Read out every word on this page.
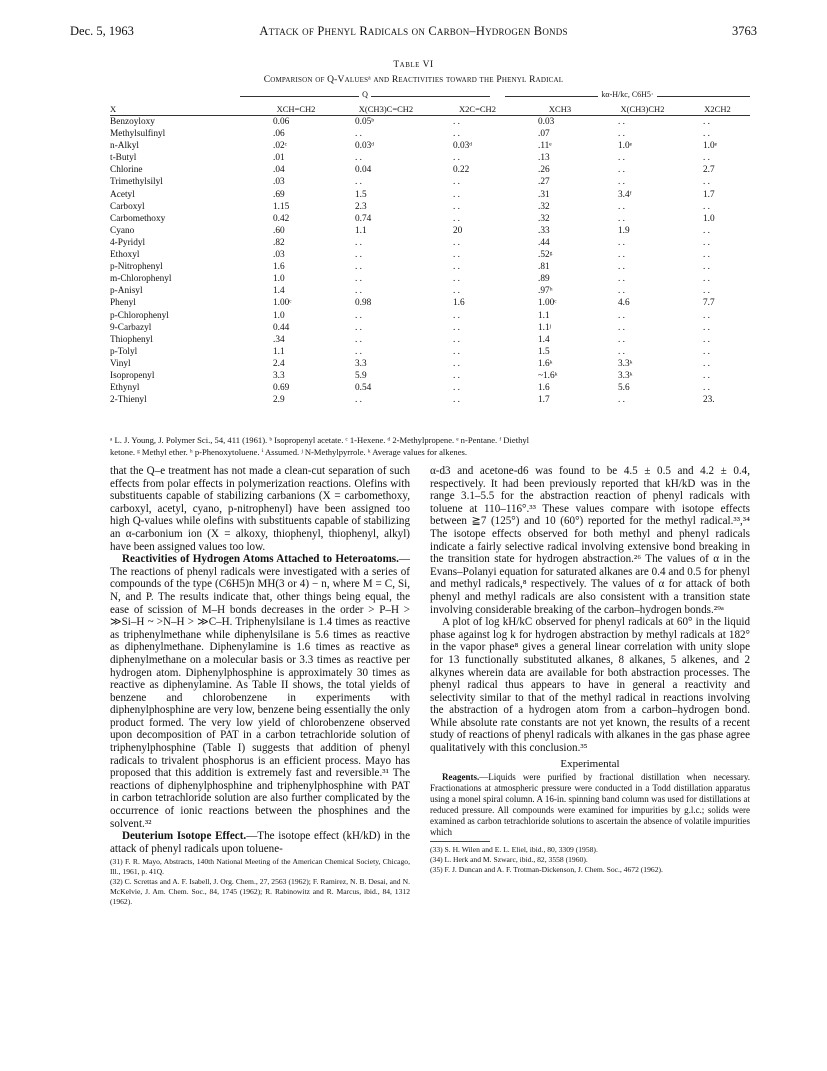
Attack of Phenyl Radicals on Carbon–Hydrogen Bonds
Dec. 5, 1963	3763
Table VI
Comparison of Q-Valuesᵃ and Reactivities toward the Phenyl Radical
Q	kα-H/kc, C6H5·
X	XCH=CH2	X(CH3)C=CH2	X2C=CH2	XCH3	X(CH3)CH2	X2CH2
Benzoyloxy	0.06	0.05ᵇ	. .	0.03	. .	. .
Methylsulfinyl	.06	. .	. .	.07	. .	. .
n-Alkyl	.02ᶜ	0.03ᵈ	0.03ᵈ	.11ᵉ	1.0ᵉ	1.0ᵉ
t-Butyl	.01	. .	. .	.13	. .	. .
Chlorine	.04	0.04	0.22	.26	. .	2.7
Trimethylsilyl	.03	. .	. .	.27	. .	. .
Acetyl	.69	1.5	. .	.31	3.4ᶠ	1.7
Carboxyl	1.15	2.3	. .	.32	. .	. .
Carbomethoxy	0.42	0.74	. .	.32	. .	1.0
Cyano	.60	1.1	20	.33	1.9	. .
4-Pyridyl	.82	. .	. .	.44	. .	. .
Ethoxyl	.03	. .	. .	.52ᵍ	. .	. .
p-Nitrophenyl	1.6	. .	. .	.81	. .	. .
m-Chlorophenyl	1.0	. .	. .	.89	. .	. .
p-Anisyl	1.4	. .	. .	.97ʰ	. .	. .
Phenyl	1.00ᶜ	0.98	1.6	1.00ᶜ	4.6	7.7
p-Chlorophenyl	1.0	. .	. .	1.1	. .	. .
9-Carbazyl	0.44	. .	. .	1.1ʲ	. .	. .
Thiophenyl	.34	. .	. .	1.4	. .	. .
p-Tolyl	1.1	. .	. .	1.5	. .	. .
Vinyl	2.4	3.3	. .	1.6ᵏ	3.3ᵏ	. .
Isopropenyl	3.3	5.9	. .	~1.6ᵏ	3.3ᵏ	. .
Ethynyl	0.69	0.54	. .	1.6	5.6	. .
2-Thienyl	2.9	. .	. .	1.7	. .	23.
ᵃ L. J. Young, J. Polymer Sci., 54, 411 (1961). ᵇ Isopropenyl acetate. ᶜ 1-Hexene. ᵈ 2-Methylpropene. ᵉ n-Pentane. ᶠ Diethyl
ketone. ᵍ Methyl ether. ʰ p-Phenoxytoluene. ⁱ Assumed. ʲ N-Methylpyrrole. ᵏ Average values for alkenes.

that the Q–e treatment has not made a clean-cut separation of such effects from polar effects in polymerization reactions. Olefins with substituents capable of stabilizing carbanions (X = carbomethoxy, carboxyl, acetyl, cyano, p-nitrophenyl) have been assigned too high Q-values while olefins with substituents capable of stabilizing an α-carbonium ion (X = alkoxy, thiophenyl, thiophenyl, alkyl) have been assigned values too low.

Reactivities of Hydrogen Atoms Attached to Heteroatoms.—The reactions of phenyl radicals were investigated with a series of compounds of the type (C6H5)n MH(3 or 4) − n, where M = C, Si, N, and P. The results indicate that, other things being equal, the ease of scission of M–H bonds decreases in the order > P–H > ≫Si–H ~ >N–H > ≫C–H. Triphenylsilane is 1.4 times as reactive as triphenylmethane while diphenylsilane is 5.6 times as reactive as diphenylmethane. Diphenylamine is 1.6 times as reactive as diphenylmethane on a molecular basis or 3.3 times as reactive per hydrogen atom. Diphenylphosphine is approximately 30 times as reactive as diphenylamine. As Table II shows, the total yields of benzene and chlorobenzene in experiments with diphenylphosphine are very low, benzene being essentially the only product formed. The very low yield of chlorobenzene observed upon decomposition of PAT in a carbon tetrachloride solution of triphenylphosphine (Table I) suggests that addition of phenyl radicals to trivalent phosphorus is an efficient process. Mayo has proposed that this addition is extremely fast and reversible.³¹ The reactions of diphenylphosphine and triphenylphosphine with PAT in carbon tetrachloride solution are also further complicated by the occurrence of ionic reactions between the phosphines and the solvent.³²

Deuterium Isotope Effect.—The isotope effect (kH/kD) in the attack of phenyl radicals upon toluene-

(31) F. R. Mayo, Abstracts, 140th National Meeting of the American Chemical Society, Chicago, Ill., 1961, p. 41Q.
(32) C. Screttas and A. F. Isabell, J. Org. Chem., 27, 2563 (1962); F. Ramirez, N. B. Desai, and N. McKelvie, J. Am. Chem. Soc., 84, 1745 (1962); R. Rabinowitz and R. Marcus, ibid., 84, 1312 (1962).

α-d3 and acetone-d6 was found to be 4.5 ± 0.5 and 4.2 ± 0.4, respectively. It had been previously reported that kH/kD was in the range 3.1–5.5 for the abstraction reaction of phenyl radicals with toluene at 110–116°.³³ These values compare with isotope effects between ≧7 (125°) and 10 (60°) reported for the methyl radical.³³,³⁴ The isotope effects observed for both methyl and phenyl radicals indicate a fairly selective radical involving extensive bond breaking in the transition state for hydrogen abstraction.²⁶ The values of α in the Evans–Polanyi equation for saturated alkanes are 0.4 and 0.5 for phenyl and methyl radicals,⁸ respectively. The values of α for attack of both phenyl and methyl radicals are also consistent with a transition state involving considerable breaking of the carbon–hydrogen bonds.²⁹ᵃ

A plot of log kH/kC observed for phenyl radicals at 60° in the liquid phase against log k for hydrogen abstraction by methyl radicals at 182° in the vapor phase⁸ gives a general linear correlation with unity slope for 13 functionally substituted alkanes, 8 alkanes, 5 alkenes, and 2 alkynes wherein data are available for both abstraction processes. The phenyl radical thus appears to have in general a reactivity and selectivity similar to that of the methyl radical in reactions involving the abstraction of a hydrogen atom from a carbon–hydrogen bond. While absolute rate constants are not yet known, the results of a recent study of reactions of phenyl radicals with alkanes in the gas phase agree qualitatively with this conclusion.³⁵

Experimental

Reagents.—Liquids were purified by fractional distillation when necessary. Fractionations at atmospheric pressure were conducted in a Todd distillation apparatus using a monel spiral column. A 16-in. spinning band column was used for distillations at reduced pressure. All compounds were examined for impurities by g.l.c.; solids were examined as carbon tetrachloride solutions to ascertain the absence of volatile impurities which

(33) S. H. Wilen and E. L. Eliel, ibid., 80, 3309 (1958).
(34) L. Herk and M. Szwarc, ibid., 82, 3558 (1960).
(35) F. J. Duncan and A. F. Trotman-Dickenson, J. Chem. Soc., 4672 (1962).
